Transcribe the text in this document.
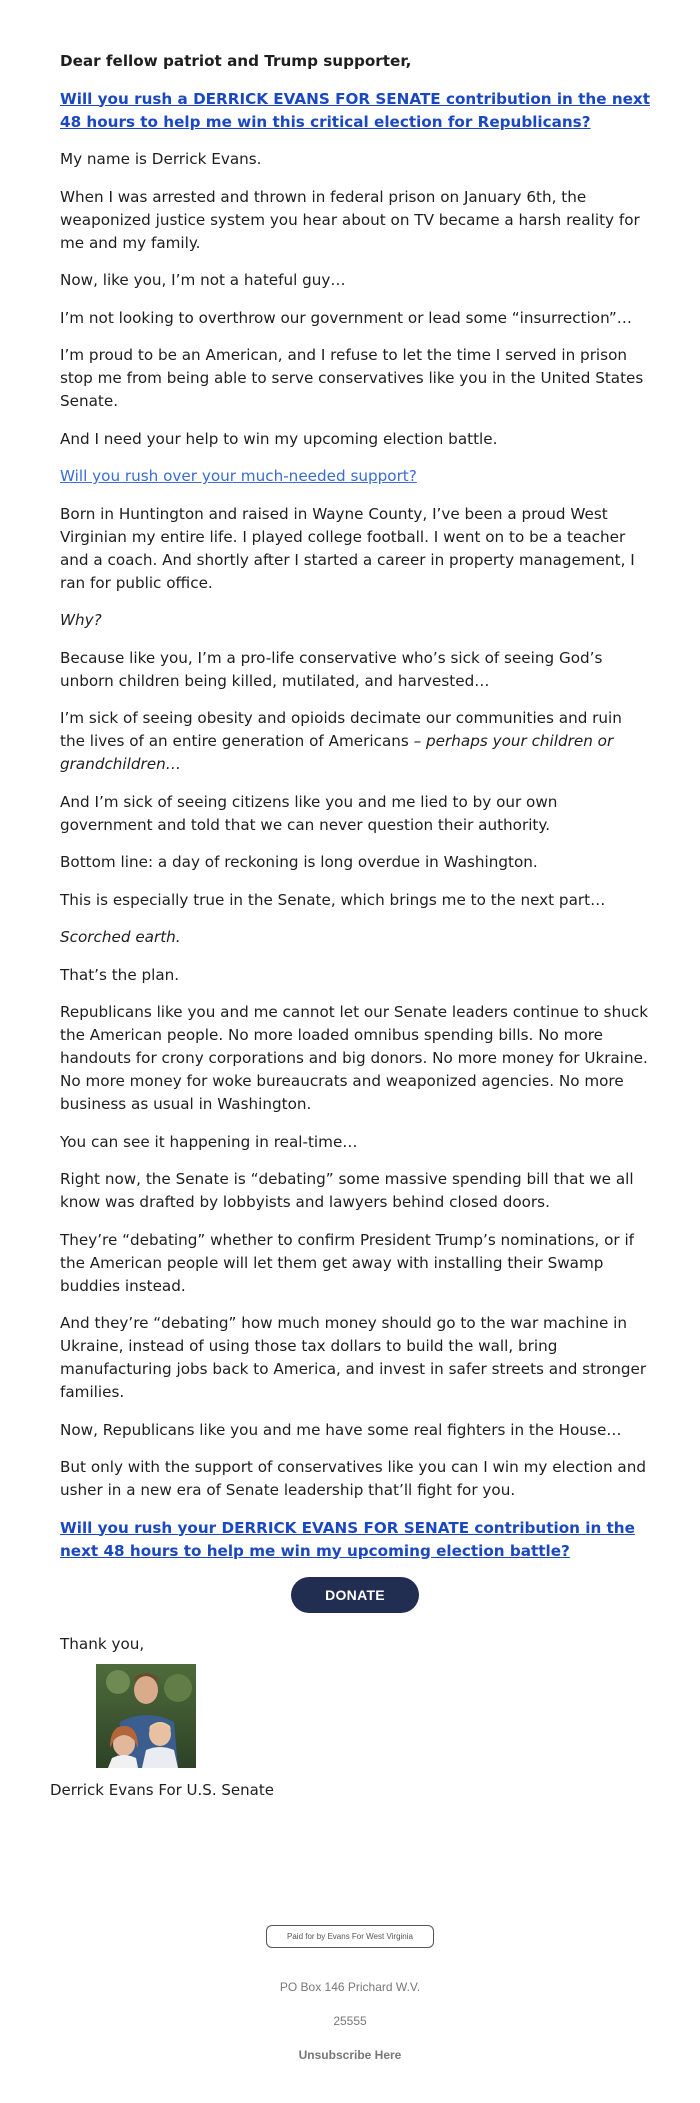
Dear fellow patriot and Trump supporter,

Will you rush a DERRICK EVANS FOR SENATE contribution in the next 48 hours to help me win this critical election for Republicans?

My name is Derrick Evans.

When I was arrested and thrown in federal prison on January 6th, the weaponized justice system you hear about on TV became a harsh reality for me and my family.

Now, like you, I’m not a hateful guy…

I’m not looking to overthrow our government or lead some “insurrection”…

I’m proud to be an American, and I refuse to let the time I served in prison stop me from being able to serve conservatives like you in the United States Senate.

And I need your help to win my upcoming election battle.

Will you rush over your much-needed support?

Born in Huntington and raised in Wayne County, I’ve been a proud West Virginian my entire life. I played college football. I went on to be a teacher and a coach. And shortly after I started a career in property management, I ran for public office.

Why?

Because like you, I’m a pro-life conservative who’s sick of seeing God’s unborn children being killed, mutilated, and harvested…

I’m sick of seeing obesity and opioids decimate our communities and ruin the lives of an entire generation of Americans – perhaps your children or grandchildren…

And I’m sick of seeing citizens like you and me lied to by our own government and told that we can never question their authority.

Bottom line: a day of reckoning is long overdue in Washington.

This is especially true in the Senate, which brings me to the next part…

Scorched earth.

That’s the plan.

Republicans like you and me cannot let our Senate leaders continue to shuck the American people. No more loaded omnibus spending bills. No more handouts for crony corporations and big donors. No more money for Ukraine. No more money for woke bureaucrats and weaponized agencies. No more business as usual in Washington.

You can see it happening in real-time…

Right now, the Senate is “debating” some massive spending bill that we all know was drafted by lobbyists and lawyers behind closed doors.

They’re “debating” whether to confirm President Trump’s nominations, or if the American people will let them get away with installing their Swamp buddies instead.

And they’re “debating” how much money should go to the war machine in Ukraine, instead of using those tax dollars to build the wall, bring manufacturing jobs back to America, and invest in safer streets and stronger families.

Now, Republicans like you and me have some real fighters in the House…

But only with the support of conservatives like you can I win my election and usher in a new era of Senate leadership that’ll fight for you.

Will you rush your DERRICK EVANS FOR SENATE contribution in the next 48 hours to help me win my upcoming election battle?

DONATE

Thank you,

Derrick Evans For U.S. Senate
Paid for by Evans For West Virginia
PO Box 146 Prichard W.V.
25555
Unsubscribe Here
